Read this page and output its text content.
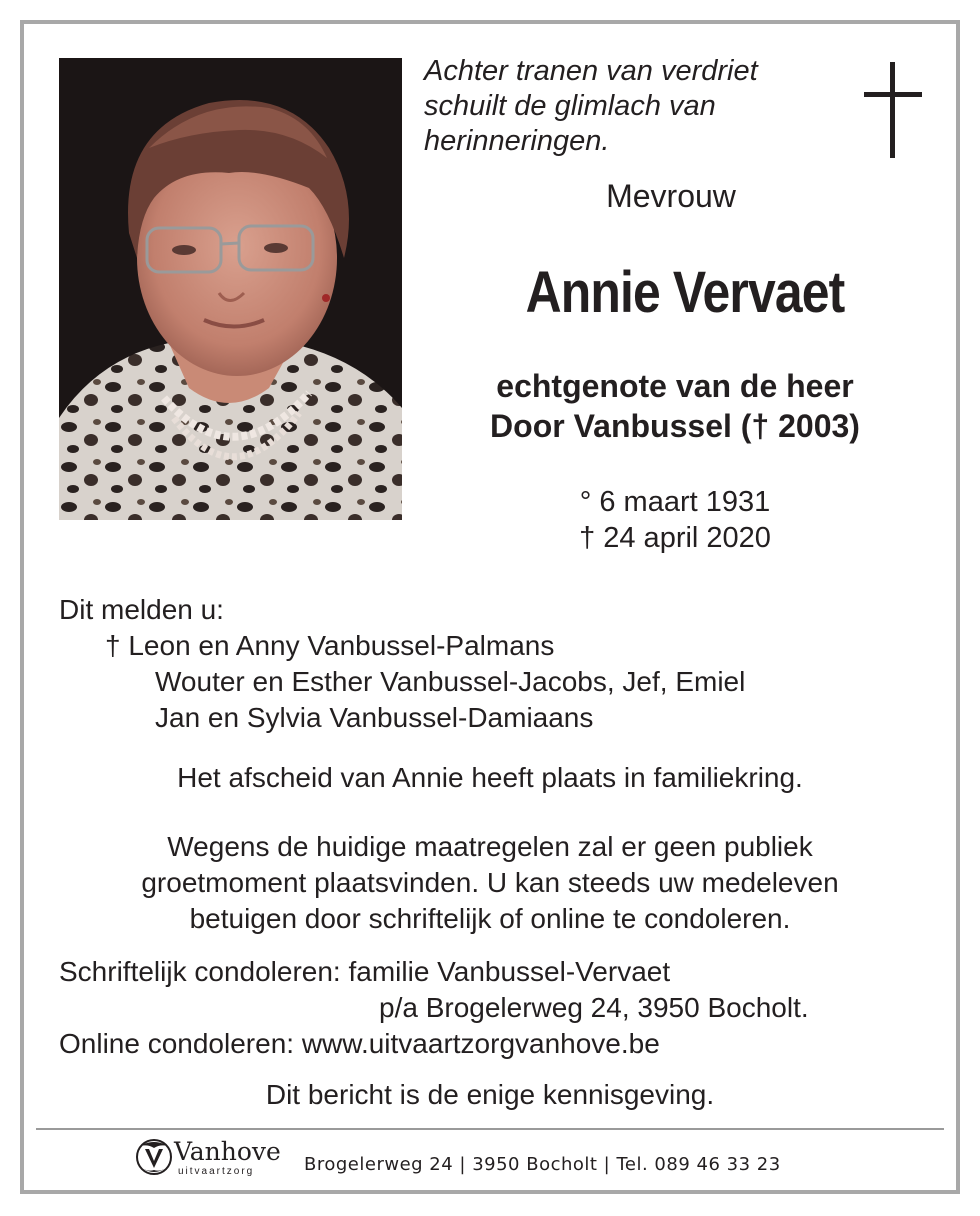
Achter tranen van verdriet
schuilt de glimlach van
herinneringen.
Mevrouw
Annie Vervaet
echtgenote van de heer
Door Vanbussel († 2003)
° 6 maart 1931
† 24 april 2020
Dit melden u:
† Leon en Anny Vanbussel-Palmans
Wouter en Esther Vanbussel-Jacobs, Jef, Emiel
Jan en Sylvia Vanbussel-Damiaans
Het afscheid van Annie heeft plaats in familiekring.
Wegens de huidige maatregelen zal er geen publiek
groetmoment plaatsvinden. U kan steeds uw medeleven
betuigen door schriftelijk of online te condoleren.
Schriftelijk condoleren: familie Vanbussel-Vervaet
p/a Brogelerweg 24, 3950 Bocholt.
Online condoleren: www.uitvaartzorgvanhove.be
Dit bericht is de enige kennisgeving.
Vanhove
uitvaartzorg	Brogelerweg 24 | 3950 Bocholt | Tel. 089 46 33 23
